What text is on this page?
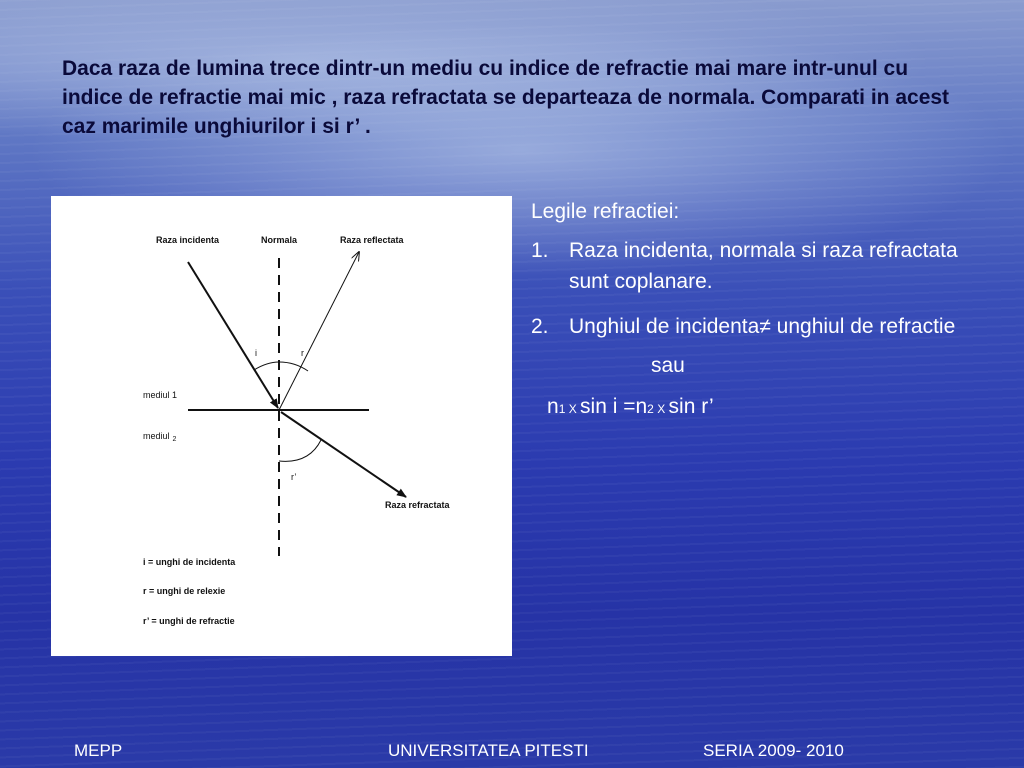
Daca raza de lumina trece dintr-un mediu cu indice de refractie mai mare intr-unul cu indice de refractie mai mic , raza refractata se departeaza de normala. Comparati in acest caz marimile unghiurilor i si r’ .

Raza incidenta	Normala	Raza reflectata
i	r
r’
mediul 1
mediul $_2$
Raza refractata
i = unghi de incidenta
r = unghi de relexie
r’ = unghi de refractie

Legile refractiei:

1. Raza incidenta, normala si raza refractata sunt coplanare.
2. Unghiul de incidenta≠ unghiul de refractie

sau

n1 X sin i =n2 X sin r’

MEPP	UNIVERSITATEA PITESTI	SERIA 2009- 2010
